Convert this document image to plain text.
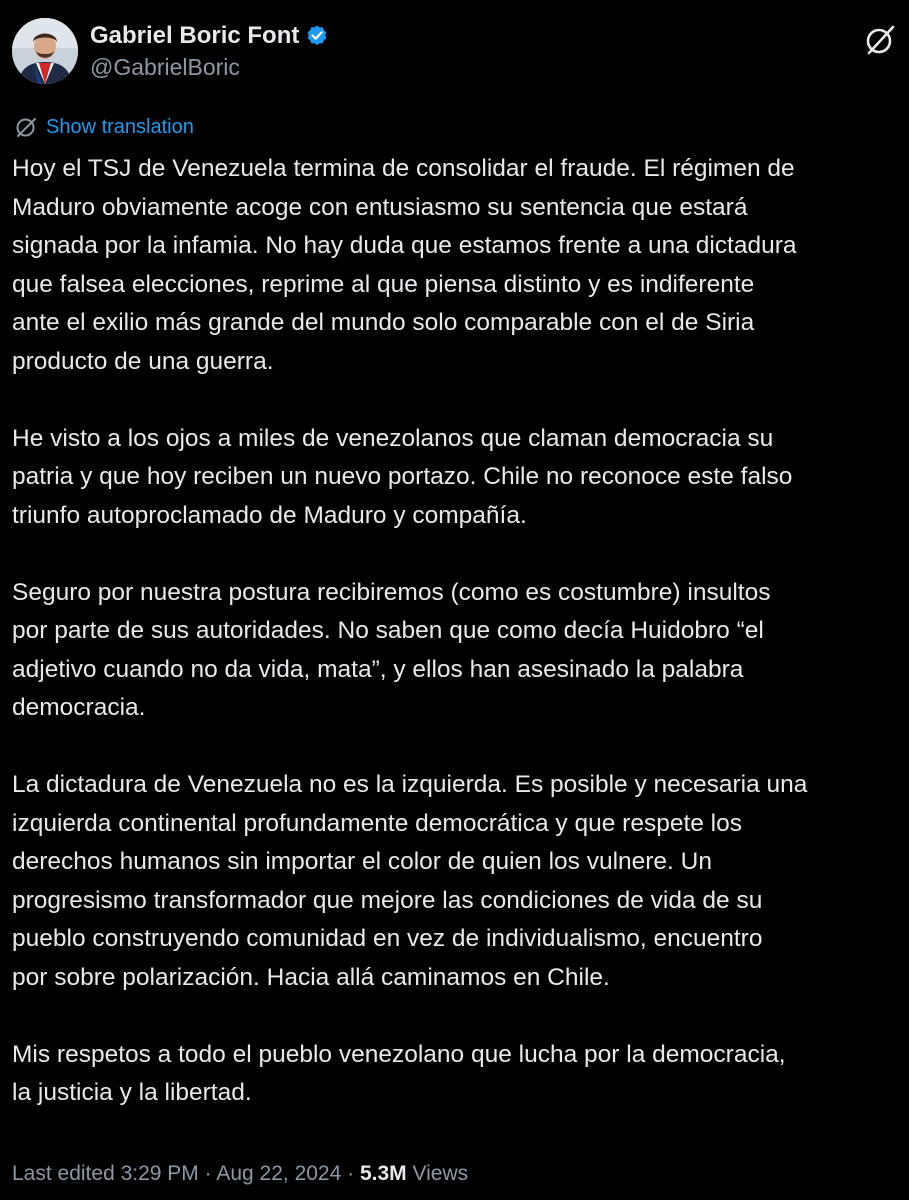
Gabriel Boric Font
@GabrielBoric
Show translation

Hoy el TSJ de Venezuela termina de consolidar el fraude. El régimen de
Maduro obviamente acoge con entusiasmo su sentencia que estará
signada por la infamia. No hay duda que estamos frente a una dictadura
que falsea elecciones, reprime al que piensa distinto y es indiferente
ante el exilio más grande del mundo solo comparable con el de Siria
producto de una guerra.

He visto a los ojos a miles de venezolanos que claman democracia su
patria y que hoy reciben un nuevo portazo. Chile no reconoce este falso
triunfo autoproclamado de Maduro y compañía.

Seguro por nuestra postura recibiremos (como es costumbre) insultos
por parte de sus autoridades. No saben que como decía Huidobro “el
adjetivo cuando no da vida, mata”, y ellos han asesinado la palabra
democracia.

La dictadura de Venezuela no es la izquierda. Es posible y necesaria una
izquierda continental profundamente democrática y que respete los
derechos humanos sin importar el color de quien los vulnere. Un
progresismo transformador que mejore las condiciones de vida de su
pueblo construyendo comunidad en vez de individualismo, encuentro
por sobre polarización. Hacia allá caminamos en Chile.

Mis respetos a todo el pueblo venezolano que lucha por la democracia,
la justicia y la libertad.

Last edited 3:29 PM · Aug 22, 2024 · 5.3M Views
